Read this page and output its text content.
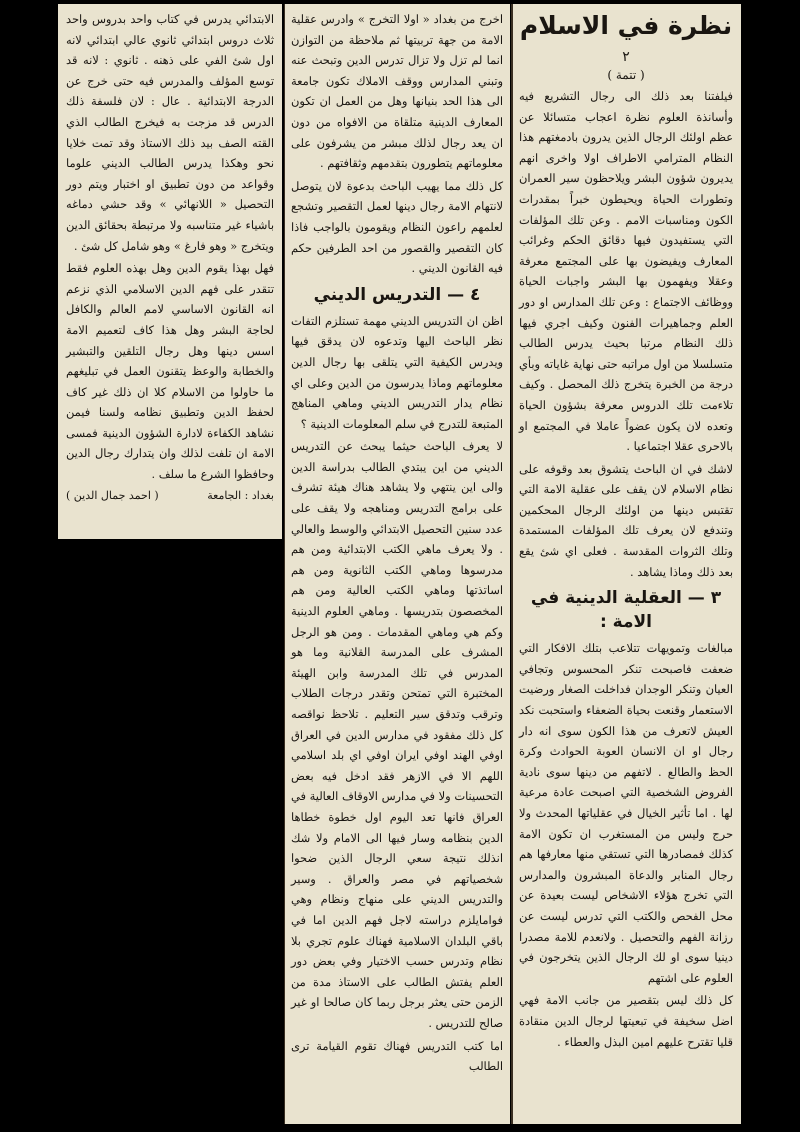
الابتدائي يدرس في كتاب واحد بدروس واحد ثلاث دروس ابتدائي ثانوي عالي ابتدائي لانه اول شئ الفي على ذهنه . ثانوي : لانه قد توسع المؤلف والمدرس فيه حتى خرج عن الدرجة الابتدائية . عال : لان فلسفة ذلك الدرس قد مزجت به فيخرج الطالب الذي القته الصف بيد ذلك الاستاذ وقد تمت خلايا نحو وهكذا يدرس الطالب الديني علوما وقواعد من دون تطبيق او اختبار ويتم دور التحصيل « اللانهائي » وقد حشي دماغه باشياء غير متناسبه ولا مرتبطة بحقائق الدين ويتخرج « وهو فارغ » وهو شامل كل شئ .

فهل بهذا يقوم الدين وهل بهذه العلوم فقط تتقدر على فهم الدين الاسلامي الذي نزعم انه القانون الاساسي لامم العالم والكافل لحاجة البشر وهل هذا كاف لتعميم الامة اسس دينها وهل رجال التلقين والتبشير والخطابة والوعظ يتقنون العمل في تبليغهم ما حاولوا من الاسلام كلا ان ذلك غير كاف لحفظ الدين وتطبيق نظامه ولسنا فيمن نشاهد الكفاءة لادارة الشؤون الدينية فمسى الامة ان تلفت لذلك وان يتدارك رجال الدين وحافظوا الشرع ما سلف .

بغداد : الجامعة
( احمد جمال الدين )

اخرج من بغداد « اولا التخرج » وادرس عقلية الامة من جهة تربيتها ثم ملاحظة من التوازن انما لم تزل ولا تزال تدرس الدين وتبحث عنه وتبني المدارس ووقف الاملاك تكون جامعة الى هذا الحد بنيانها وهل من العمل ان تكون المعارف الدينية متلقاة من الافواه من دون ان يعد رجال لذلك مبشر من يشرفون على معلوماتهم يتطورون بتقدمهم وثقافتهم .

كل ذلك مما يهيب الباحث بدعوة لان يتوصل لانتهام الامة رجال دينها لعمل التقصير وتشجع لعلمهم راعون النظام ويقومون بالواجب فاذا كان التقصير والقصور من احد الطرفين حكم فيه القانون الديني .

٤ — التدريس الديني

اظن ان التدريس الديني مهمة تستلزم التفات نظر الباحث اليها وتدعوه لان يدقق فيها ويدرس الكيفية التي يتلقى بها رجال الدين معلوماتهم وماذا يدرسون من الدين وعلى اي نظام يدار التدريس الديني وماهي المناهج المتبعة للتدرج في سلم المعلومات الدينية ؟

لا يعرف الباحث حيثما يبحث عن التدريس الديني من اين يبتدي الطالب بدراسة الدين والى اين ينتهي ولا يشاهد هناك هيئة تشرف على برامج التدريس ومناهجه ولا يقف على عدد سنين التحصيل الابتدائي والوسط والعالي . ولا يعرف ماهي الكتب الابتدائية ومن هم مدرسوها وماهي الكتب الثانوية ومن هم اساتذتها وماهي الكتب العالية ومن هم المخصصون بتدريسها . وماهي العلوم الدينية وكم هي وماهي المقدمات . ومن هو الرجل المشرف على المدرسة القلانية وما هو المدرس في تلك المدرسة وابن الهيئة المختبرة التي تمتحن وتقدر درجات الطلاب وترقب وتدقق سير التعليم . تلاحظ نواقصه كل ذلك مفقود في مدارس الدين في العراق اوفي الهند اوفي ايران اوفي اي بلد اسلامي اللهم الا في الازهر فقد ادخل فيه بعض التحسينات ولا في مدارس الاوقاف العالية في العراق فانها تعد اليوم اول خطوة خطاها الدين بنظامه وسار فيها الى الامام ولا شك انذلك نتيجة سعي الرجال الذين ضحوا شخصياتهم في مصر والعراق . وسير والتدريس الديني على منهاج ونظام وهي فوامايلزم دراسته لاجل فهم الدين اما في باقي البلدان الاسلامية فهناك علوم تجري بلا نظام وتدرس حسب الاختيار وفي بعض دور العلم يفتش الطالب على الاستاذ مدة من الزمن حتى يعثر برجل ربما كان صالحا او غير صالح للتدريس .

اما كتب التدريس فهناك تقوم القيامة ترى الطالب

نظرة في الاسلام
٢
( تتمة )

فيلفتنا بعد ذلك الى رجال التشريع فيه وأسانذة العلوم نظرة اعجاب متسائلا عن عظم اولئك الرجال الذين يدرون بادمغتهم هذا النظام المترامي الاطراف اولا واخرى انهم يديرون شؤون البشر ويلاحظون سير العمران وتطورات الحياة ويحيطون خبراً بمقدرات الكون ومناسبات الامم . وعن تلك المؤلفات التي يستفيدون فيها دقائق الحكم وغرائب المعارف ويفيضون بها على المجتمع معرفة وعقلا ويفهمون بها البشر واجبات الحياة ووظائف الاجتماع : وعن تلك المدارس او دور العلم وجماهيرات الفنون وكيف اجري فيها ذلك النظام مرتبا بحيث يدرس الطالب متسلسلا من اول مراتبه حتى نهاية غاياته وبأي درجة من الخبرة يتخرج ذلك المحصل . وكيف تلاءمت تلك الدروس معرفة بشؤون الحياة وتعده لان يكون عضواً عاملا في المجتمع او بالاحرى عقلا اجتماعيا .

لاشك في ان الباحث يتشوق بعد وقوفه على نظام الاسلام لان يقف على عقلية الامة التي تقتبس دينها من اولئك الرجال المحكمين وتندفع لان يعرف تلك المؤلفات المستمدة وتلك الثروات المقدسة . فعلى اي شئ يقع بعد ذلك وماذا يشاهد .

٣ — العقلية الدينية في الامة :

مبالغات وتمويهات تتلاعب بتلك الافكار التي ضعفت فاصبحت تنكر المحسوس وتجافي العيان وتنكر الوجدان فداخلت الصغار ورضيت الاستعمار وقنعت بحياة الضعفاء واستحبت نكد العيش لاتعرف من هذا الكون سوى انه دار رجال او ان الانسان العوبة الحوادث وكرة الحظ والطالع . لاتفهم من دينها سوى نادية الفروض الشخصية التي اصبحت عادة مرعية لها . اما تأثير الخيال في عقلياتها المحدث ولا حرج وليس من المستغرب ان تكون الامة كذلك فمصادرها التي تستقي منها معارفها هم رجال المنابر والدعاة المبشرون والمدارس التي تخرج هؤلاء الاشخاص ليست بعيدة عن محل الفحص والكتب التي تدرس ليست عن رزانة الفهم والتحصيل . ولانعدم للامة مصدرا دينيا سوى او لك الرجال الذين يتخرجون في العلوم على اشتهم

كل ذلك ليس بتقصير من جانب الامة فهي اضل سخيفة في تبعيتها لرجال الدين منقادة قليا تقترح عليهم امين البذل والعطاء .
